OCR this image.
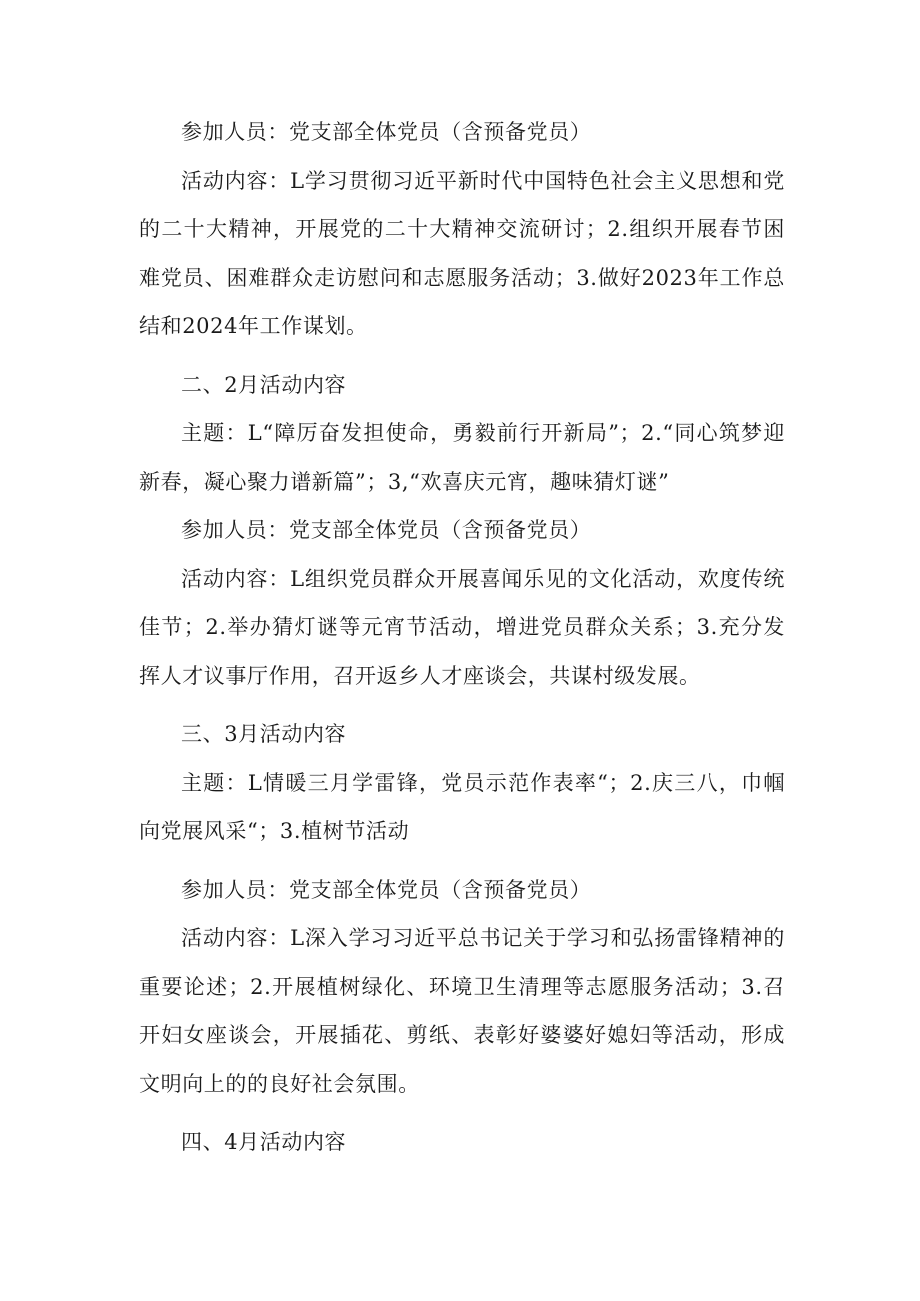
参加人员：党支部全体党员（含预备党员）

活动内容：L学习贯彻习近平新时代中国特色社会主义思想和党的二十大精神，开展党的二十大精神交流研讨；2.组织开展春节困难党员、困难群众走访慰问和志愿服务活动；3.做好2023年工作总结和2024年工作谋划。

二、2月活动内容

主题：L“障厉奋发担使命，勇毅前行开新局”；2.“同心筑梦迎新春，凝心聚力谱新篇”；3,“欢喜庆元宵，趣味猜灯谜”

参加人员：党支部全体党员（含预备党员）

活动内容：L组织党员群众开展喜闻乐见的文化活动，欢度传统佳节；2.举办猜灯谜等元宵节活动，增进党员群众关系；3.充分发挥人才议事厅作用，召开返乡人才座谈会，共谋村级发展。

三、3月活动内容

主题：L情暖三月学雷锋，党员示范作表率“；2.庆三八，巾帼向党展风采“；3.植树节活动

参加人员：党支部全体党员（含预备党员）

活动内容：L深入学习习近平总书记关于学习和弘扬雷锋精神的重要论述；2.开展植树绿化、环境卫生清理等志愿服务活动；3.召开妇女座谈会，开展插花、剪纸、表彰好婆婆好媳妇等活动，形成文明向上的的良好社会氛围。

四、4月活动内容
